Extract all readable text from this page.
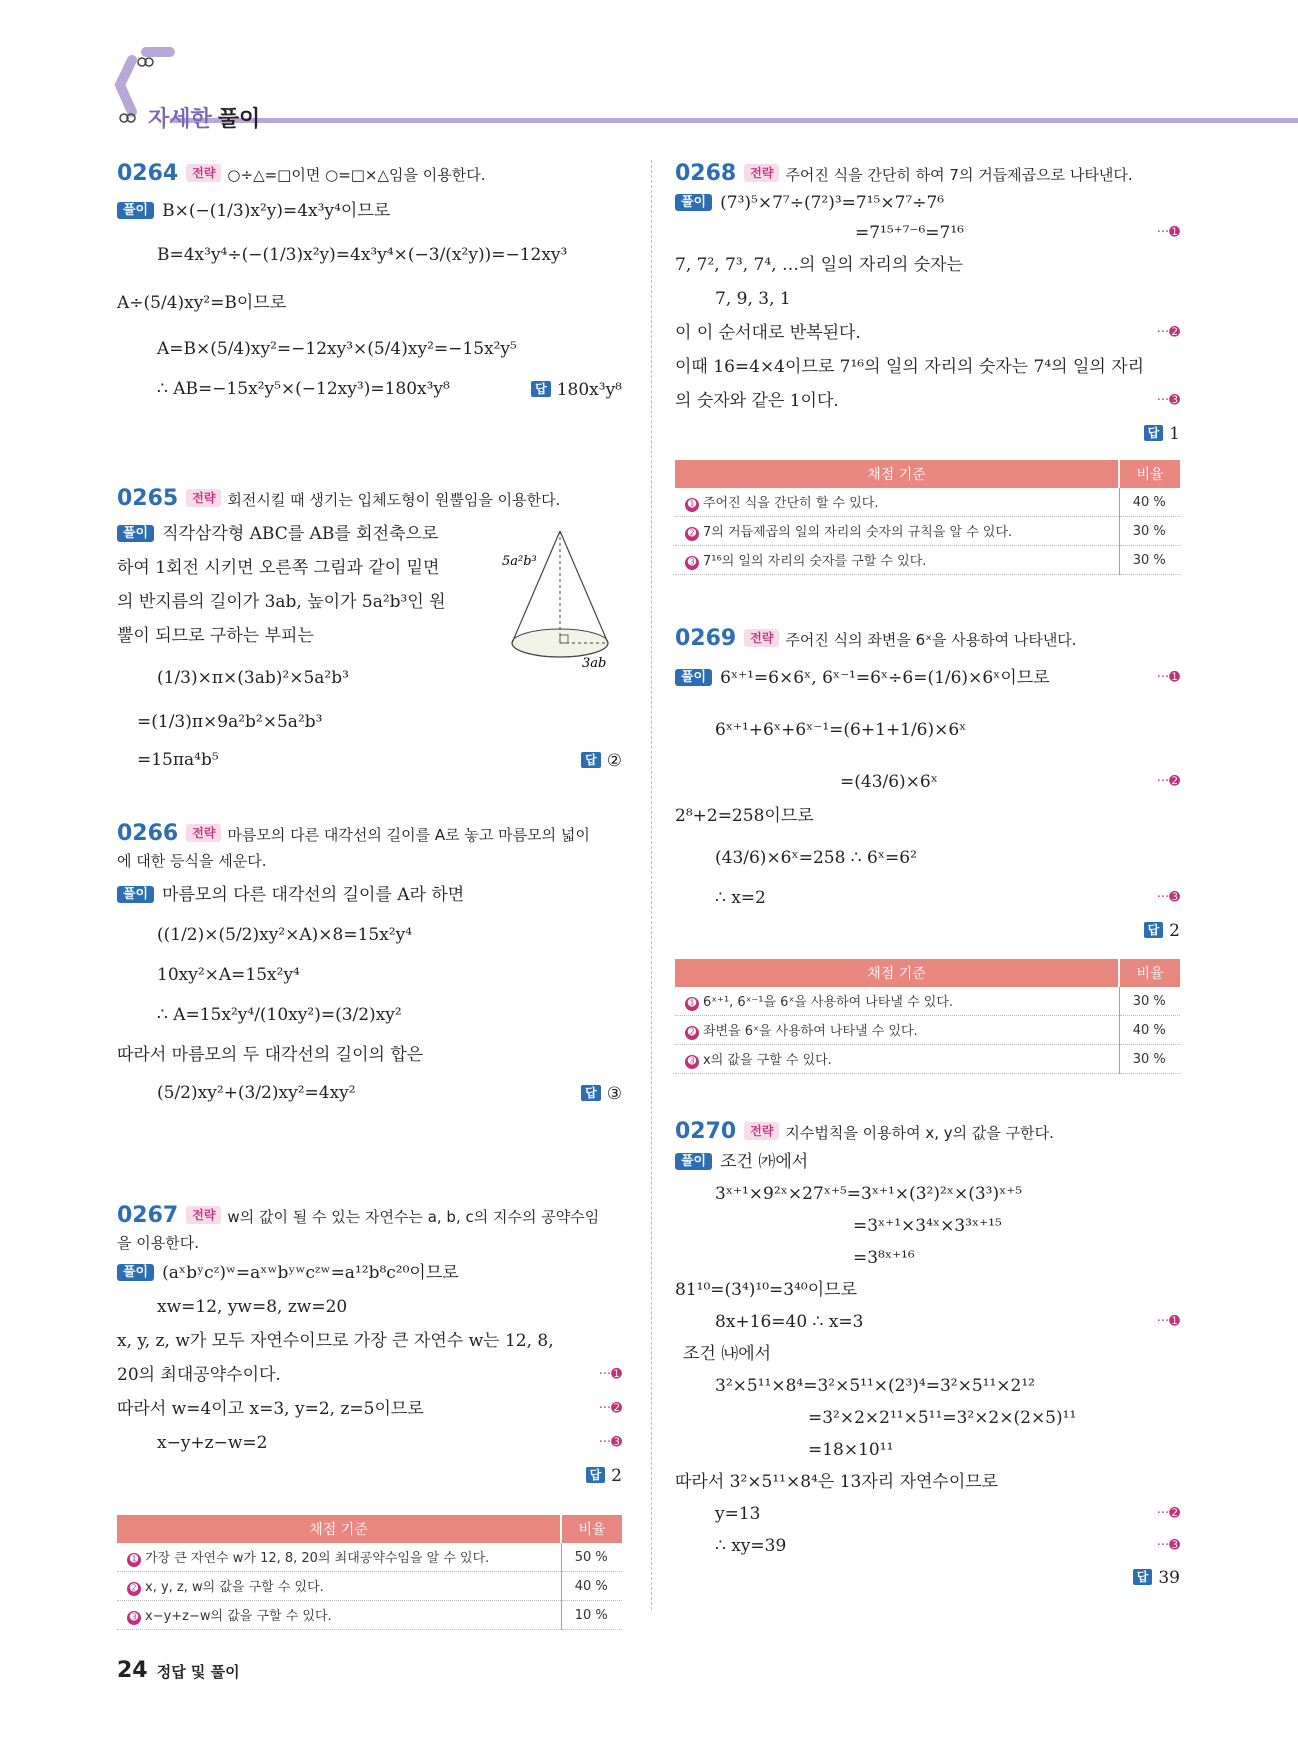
자세한 풀이
0264 전략 ○÷△=□이면 ○=□×△임을 이용한다.
풀이 B×(−(1/3)x²y)=4x³y⁴이므로
B=4x³y⁴÷(−(1/3)x²y)=4x³y⁴×(−3/(x²y))=−12xy³
A÷(5/4)xy²=B이므로
A=B×(5/4)xy²=−12xy³×(5/4)xy²=−15x²y⁵
∴ AB=−15x²y⁵×(−12xy³)=180x³y⁸	답 180x³y⁸
0265 전략 회전시킬 때 생기는 입체도형이 원뿔임을 이용한다.
풀이 직각삼각형 ABC를 AB를 회전축으로
하여 1회전 시키면 오른쪽 그림과 같이 밑면
의 반지름의 길이가 3ab, 높이가 5a²b³인 원
뿔이 되므로 구하는 부피는
(1/3)×π×(3ab)²×5a²b³
=(1/3)π×9a²b²×5a²b³
=15πa⁴b⁵	답 ②
5a²b³
3ab
0266 전략 마름모의 다른 대각선의 길이를 A로 놓고 마름모의 넓이
에 대한 등식을 세운다.
풀이 마름모의 다른 대각선의 길이를 A라 하면
((1/2)×(5/2)xy²×A)×8=15x²y⁴
10xy²×A=15x²y⁴
∴ A=15x²y⁴/(10xy²)=(3/2)xy²
따라서 마름모의 두 대각선의 길이의 합은
(5/2)xy²+(3/2)xy²=4xy²	답 ③
0267 전략 w의 값이 될 수 있는 자연수는 a, b, c의 지수의 공약수임
을 이용한다.
풀이 (aˣbʸcᶻ)ʷ=aˣʷbʸʷcᶻʷ=a¹²b⁸c²⁰이므로
xw=12, yw=8, zw=20
x, y, z, w가 모두 자연수이므로 가장 큰 자연수 w는 12, 8,
20의 최대공약수이다.	···➊
따라서 w=4이고 x=3, y=2, z=5이므로	···➋
x−y+z−w=2	···➌
답 2
채점 기준	비율
➊ 가장 큰 자연수 w가 12, 8, 20의 최대공약수임을 알 수 있다.	50 %
➋ x, y, z, w의 값을 구할 수 있다.	40 %
➌ x−y+z−w의 값을 구할 수 있다.	10 %
0268 전략 주어진 식을 간단히 하여 7의 거듭제곱으로 나타낸다.
풀이 (7³)⁵×7⁷÷(7²)³=7¹⁵×7⁷÷7⁶
=7¹⁵⁺⁷⁻⁶=7¹⁶	···➊
7, 7², 7³, 7⁴, …의 일의 자리의 숫자는
7, 9, 3, 1
이 이 순서대로 반복된다.	···➋
이때 16=4×4이므로 7¹⁶의 일의 자리의 숫자는 7⁴의 일의 자리
의 숫자와 같은 1이다.	···➌
답 1
채점 기준	비율
➊ 주어진 식을 간단히 할 수 있다.	40 %
➋ 7의 거듭제곱의 일의 자리의 숫자의 규칙을 알 수 있다.	30 %
➌ 7¹⁶의 일의 자리의 숫자를 구할 수 있다.	30 %
0269 전략 주어진 식의 좌변을 6ˣ을 사용하여 나타낸다.
풀이 6ˣ⁺¹=6×6ˣ, 6ˣ⁻¹=6ˣ÷6=(1/6)×6ˣ이므로	···➊
6ˣ⁺¹+6ˣ+6ˣ⁻¹=(6+1+1/6)×6ˣ
=(43/6)×6ˣ	···➋
2⁸+2=258이므로
(43/6)×6ˣ=258 ∴ 6ˣ=6²
∴ x=2	···➌
답 2
채점 기준	비율
➊ 6ˣ⁺¹, 6ˣ⁻¹을 6ˣ을 사용하여 나타낼 수 있다.	30 %
➋ 좌변을 6ˣ을 사용하여 나타낼 수 있다.	40 %
➌ x의 값을 구할 수 있다.	30 %
0270 전략 지수법칙을 이용하여 x, y의 값을 구한다.
풀이 조건 ㈎에서
3ˣ⁺¹×9²ˣ×27ˣ⁺⁵=3ˣ⁺¹×(3²)²ˣ×(3³)ˣ⁺⁵
=3ˣ⁺¹×3⁴ˣ×3³ˣ⁺¹⁵
=3⁸ˣ⁺¹⁶
81¹⁰=(3⁴)¹⁰=3⁴⁰이므로
8x+16=40 ∴ x=3	···➊
조건 ㈏에서
3²×5¹¹×8⁴=3²×5¹¹×(2³)⁴=3²×5¹¹×2¹²
=3²×2×2¹¹×5¹¹=3²×2×(2×5)¹¹
=18×10¹¹
따라서 3²×5¹¹×8⁴은 13자리 자연수이므로
y=13	···➋
∴ xy=39	···➌
답 39
24 정답 및 풀이
